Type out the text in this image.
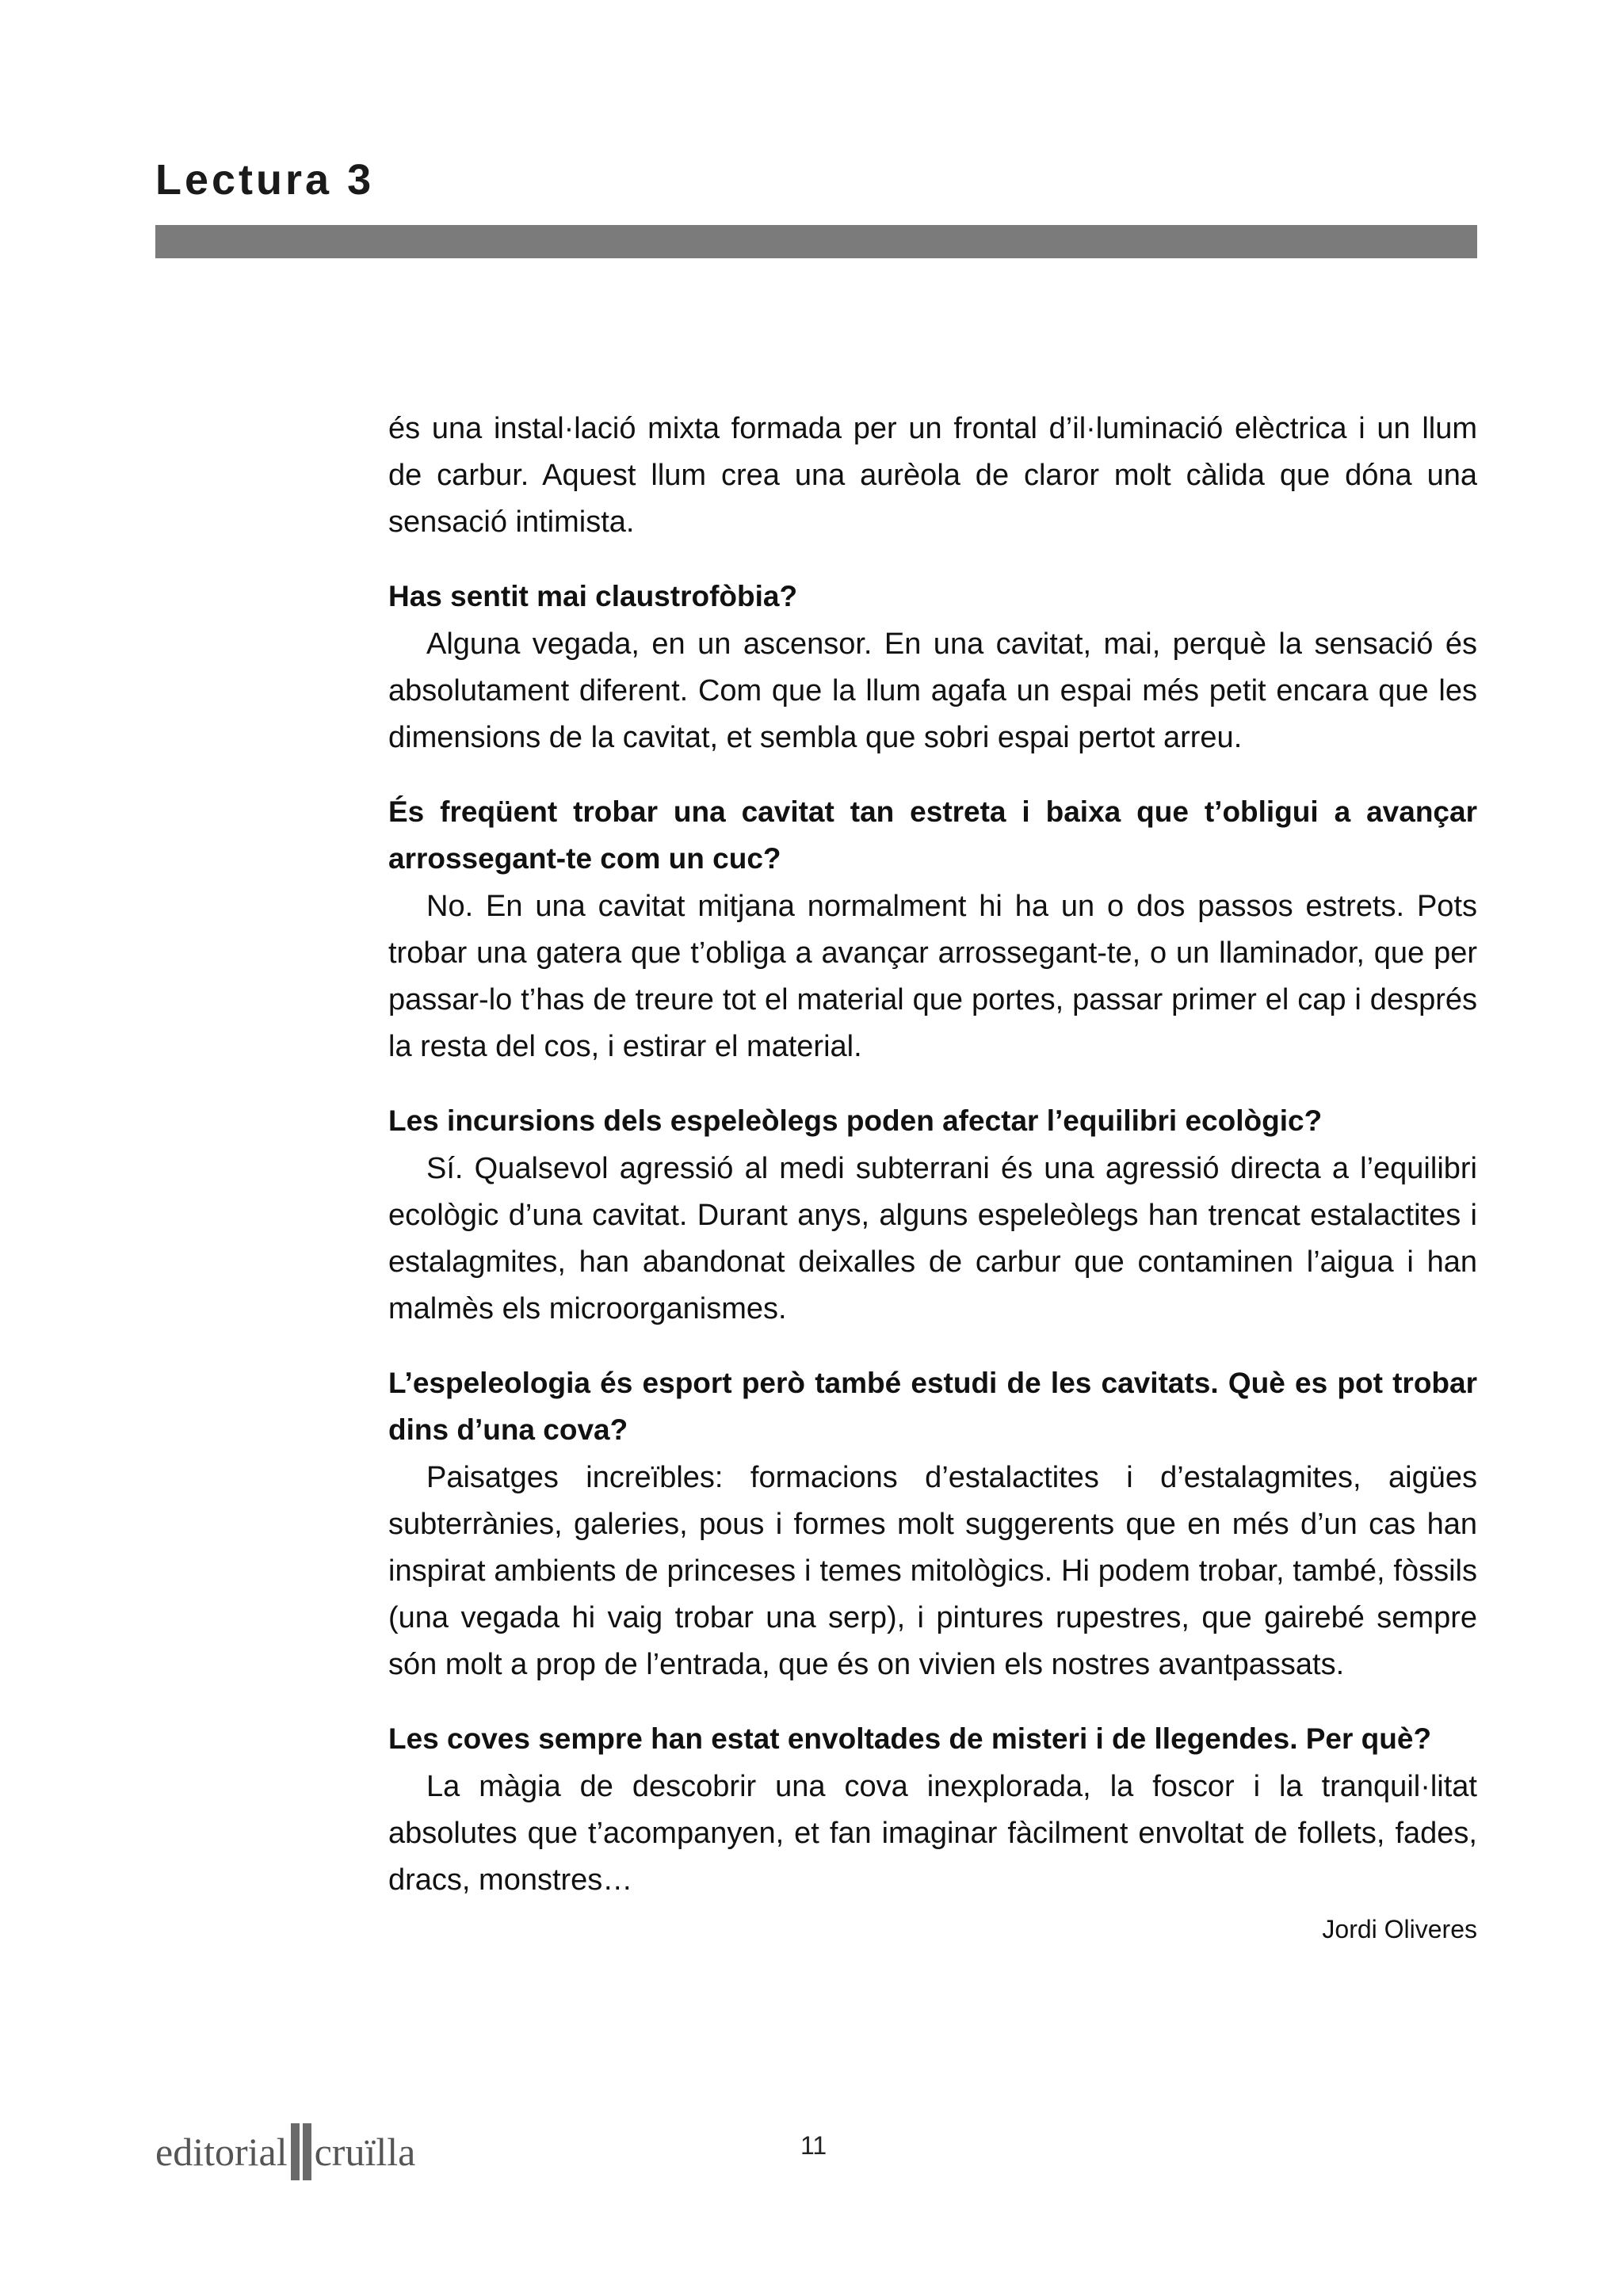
Lectura 3

és una instal·lació mixta formada per un frontal d’il·luminació elèctrica i un llum de carbur. Aquest llum crea una aurèola de claror molt càlida que dóna una sensació intimista.

Has sentit mai claustrofòbia?

Alguna vegada, en un ascensor. En una cavitat, mai, perquè la sensació és absolutament diferent. Com que la llum agafa un espai més petit encara que les dimensions de la cavitat, et sembla que sobri espai pertot arreu.

És freqüent trobar una cavitat tan estreta i baixa que t’obligui a avançar arrossegant-te com un cuc?

No. En una cavitat mitjana normalment hi ha un o dos passos estrets. Pots trobar una gatera que t’obliga a avançar arrossegant-te, o un llaminador, que per passar-lo t’has de treure tot el material que portes, passar primer el cap i després la resta del cos, i estirar el material.

Les incursions dels espeleòlegs poden afectar l’equilibri ecològic?

Sí. Qualsevol agressió al medi subterrani és una agressió directa a l’equilibri ecològic d’una cavitat. Durant anys, alguns espeleòlegs han trencat estalactites i estalagmites, han abandonat deixalles de carbur que contaminen l’aigua i han malmès els microorganismes.

L’espeleologia és esport però també estudi de les cavitats. Què es pot trobar dins d’una cova?

Paisatges increïbles: formacions d’estalactites i d’estalagmites, aigües subterrànies, galeries, pous i formes molt suggerents que en més d’un cas han inspirat ambients de princeses i temes mitològics. Hi podem trobar, també, fòssils (una vegada hi vaig trobar una serp), i pintures rupestres, que gairebé sempre són molt a prop de l’entrada, que és on vivien els nostres avantpassats.

Les coves sempre han estat envoltades de misteri i de llegendes. Per què?

La màgia de descobrir una cova inexplorada, la foscor i la tranquil·litat absolutes que t’acompanyen, et fan imaginar fàcilment envoltat de follets, fades, dracs, monstres…

Jordi Oliveres
editorial cruïlla	11
